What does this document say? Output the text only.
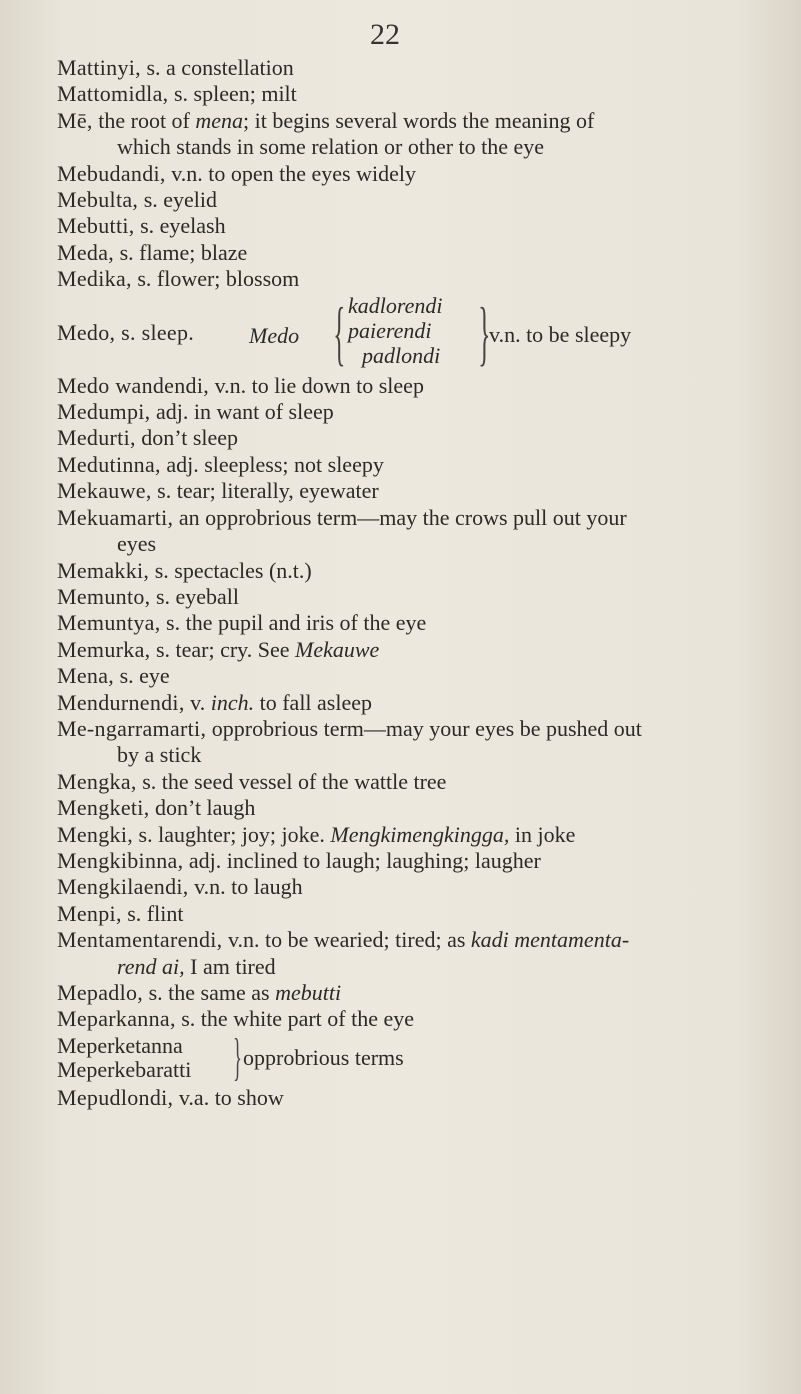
22
Mattinyi, s. a constellation
Mattomidla, s. spleen; milt
Mē, the root of mena; it begins several words the meaning of
which stands in some relation or other to the eye
Mebudandi, v.n. to open the eyes widely
Mebulta, s. eyelid
Mebutti, s. eyelash
Meda, s. flame; blaze
Medika, s. flower; blossom
Medo, s. sleep. Medo { kadlorendi
paierendi
padlondi }
v.n. to be sleepy
Medo wandendi, v.n. to lie down to sleep
Medumpi, adj. in want of sleep
Medurti, don’t sleep
Medutinna, adj. sleepless; not sleepy
Mekauwe, s. tear; literally, eyewater
Mekuamarti, an opprobrious term—may the crows pull out your
eyes
Memakki, s. spectacles (n.t.)
Memunto, s. eyeball
Memuntya, s. the pupil and iris of the eye
Memurka, s. tear; cry. See Mekauwe
Mena, s. eye
Mendurnendi, v. inch. to fall asleep
Me-ngarramarti, opprobrious term—may your eyes be pushed out
by a stick
Mengka, s. the seed vessel of the wattle tree
Mengketi, don’t laugh
Mengki, s. laughter; joy; joke. Mengkimengkingga, in joke
Mengkibinna, adj. inclined to laugh; laughing; laugher
Mengkilaendi, v.n. to laugh
Menpi, s. flint
Mentamentarendi, v.n. to be wearied; tired; as kadi mentamenta-
rend ai, I am tired
Mepadlo, s. the same as mebutti
Meparkanna, s. the white part of the eye
Meperketanna
Meperkebaratti } opprobrious terms
Mepudlondi, v.a. to show
